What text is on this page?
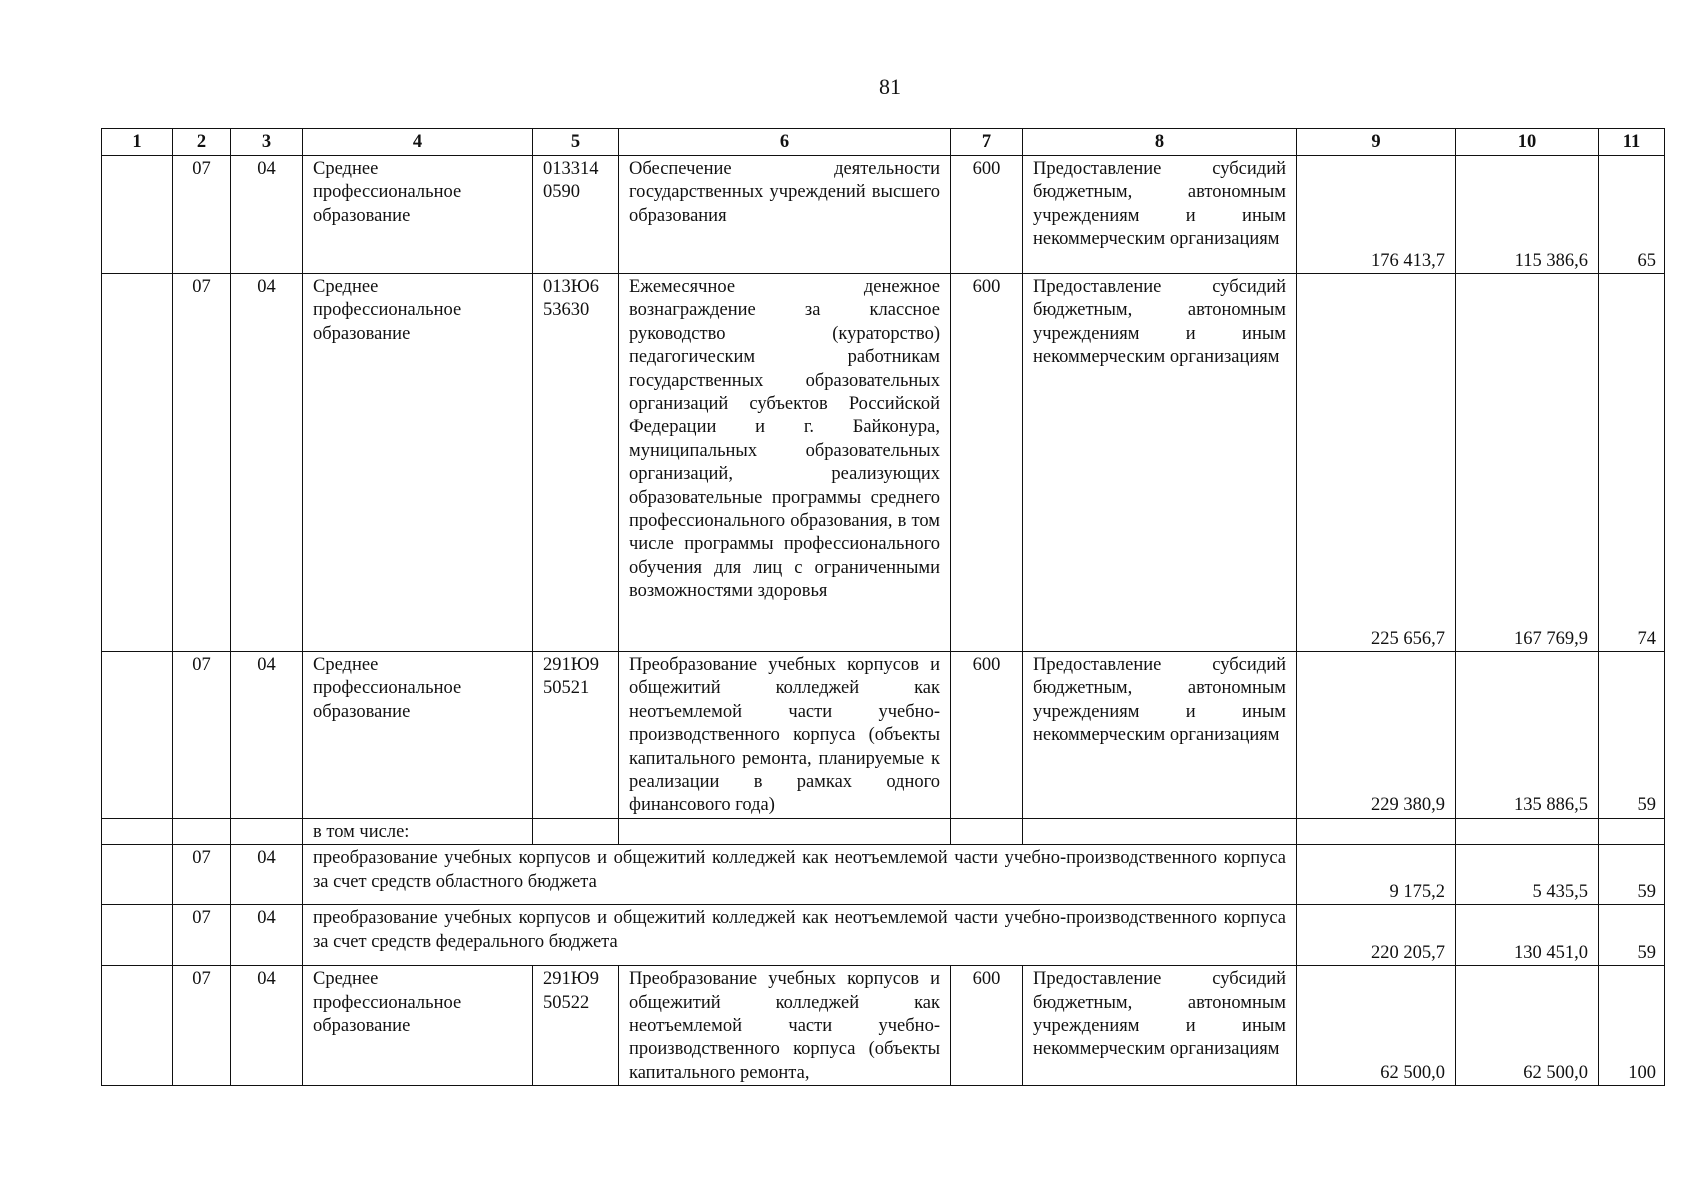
81
1	2	3	4	5	6	7	8	9	10	11
	07	04	Среднее профессиональное образование	013314 0590	Обеспечение деятельности государственных учреждений высшего образования	600	Предоставление субсидий бюджетным, автономным учреждениям и иным некоммерческим организациям	176 413,7	115 386,6	65
	07	04	Среднее профессиональное образование	013Ю6 53630	Ежемесячное денежное вознаграждение за классное руководство (кураторство) педагогическим работникам государственных образовательных организаций субъектов Российской Федерации и г. Байконура, муниципальных образовательных организаций, реализующих образовательные программы среднего профессионального образования, в том числе программы профессионального обучения для лиц с ограниченными возможностями здоровья	600	Предоставление субсидий бюджетным, автономным учреждениям и иным некоммерческим организациям	225 656,7	167 769,9	74
	07	04	Среднее профессиональное образование	291Ю9 50521	Преобразование учебных корпусов и общежитий колледжей как неотъемлемой части учебно-производственного корпуса (объекты капитального ремонта, планируемые к реализации в рамках одного финансового года)	600	Предоставление субсидий бюджетным, автономным учреждениям и иным некоммерческим организациям	229 380,9	135 886,5	59
			в том числе:							
	07	04	преобразование учебных корпусов и общежитий колледжей как неотъемлемой части учебно-производственного корпуса за счет средств областного бюджета					9 175,2	5 435,5	59
	07	04	преобразование учебных корпусов и общежитий колледжей как неотъемлемой части учебно-производственного корпуса за счет средств федерального бюджета					220 205,7	130 451,0	59
	07	04	Среднее профессиональное образование	291Ю9 50522	Преобразование учебных корпусов и общежитий колледжей как неотъемлемой части учебно-производственного корпуса (объекты капитального ремонта,	600	Предоставление субсидий бюджетным, автономным учреждениям и иным некоммерческим организациям	62 500,0	62 500,0	100
